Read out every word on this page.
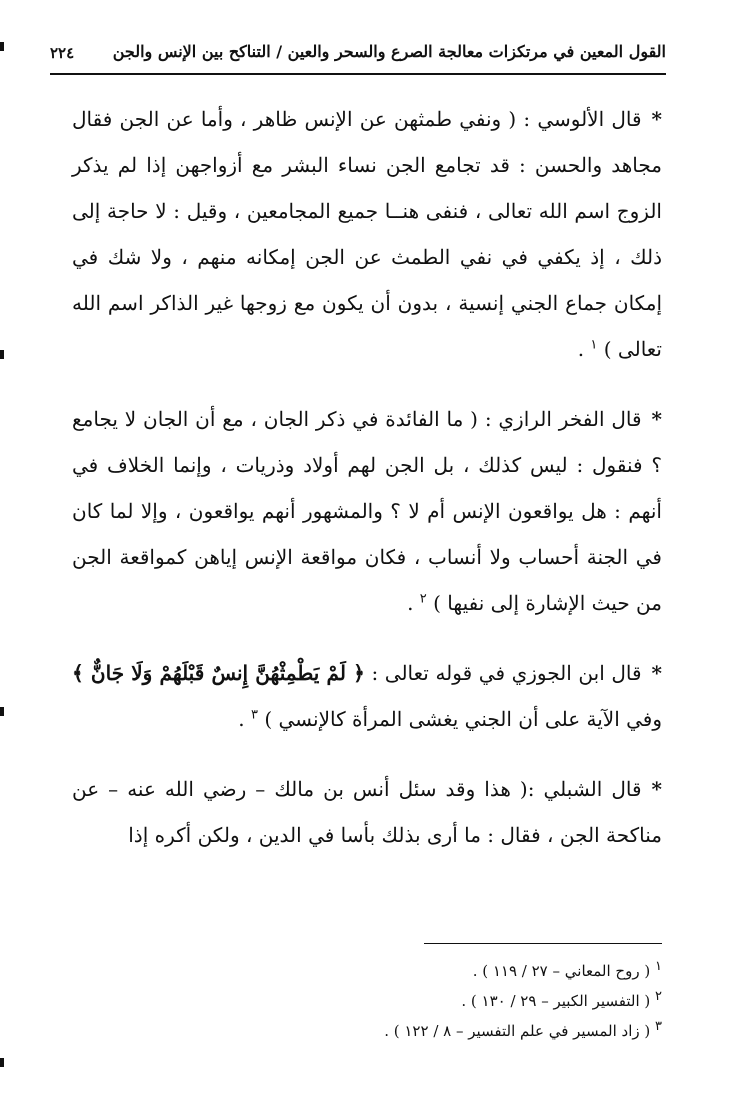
القول المعين في مرتكزات معالجة الصرع والسحر والعين / التناكح بين الإنس والجن
٢٢٤

*قال الألوسي : ( ونفي طمثهن عن الإنس ظاهر ، وأما عن الجن فقال مجاهد والحسن : قد تجامع الجن نساء البشر مع أزواجهن إذا لم يذكر الزوج اسم الله تعالى ، فنفى هنــا جميع المجامعين ، وقيل : لا حاجة إلى ذلك ، إذ يكفي في نفي الطمث عن الجن إمكانه منهم ، ولا شك في إمكان جماع الجني إنسية ، بدون أن يكون مع زوجها غير الذاكر اسم الله تعالى ) $^١$ .

*قال الفخر الرازي : ( ما الفائدة في ذكر الجان ، مع أن الجان لا يجامع ؟ فنقول : ليس كذلك ، بل الجن لهم أولاد وذريات ، وإنما الخلاف في أنهم : هل يواقعون الإنس أم لا ؟ والمشهور أنهم يواقعون ، وإلا لما كان في الجنة أحساب ولا أنساب ، فكان مواقعة الإنس إياهن كمواقعة الجن من حيث الإشارة إلى نفيها ) $^٢$ .

*قال ابن الجوزي في قوله تعالى : ﴿ لَمْ يَطْمِثْهُنَّ إِنسٌ قَبْلَهُمْ وَلَا جَانٌّ ﴾ وفي الآية على أن الجني يغشى المرأة كالإنسي ) $^٣$ .

*قال الشبلي :( هذا وقد سئل أنس بن مالك – رضي الله عنه – عن مناكحة الجن ، فقال : ما أرى بذلك بأسا في الدين ، ولكن أكره إذا

١ ( روح المعاني – ٢٧ / ١١٩ ) .
٢ ( التفسير الكبير – ٢٩ / ١٣٠ ) .
٣ ( زاد المسير في علم التفسير – ٨ / ١٢٢ ) .
